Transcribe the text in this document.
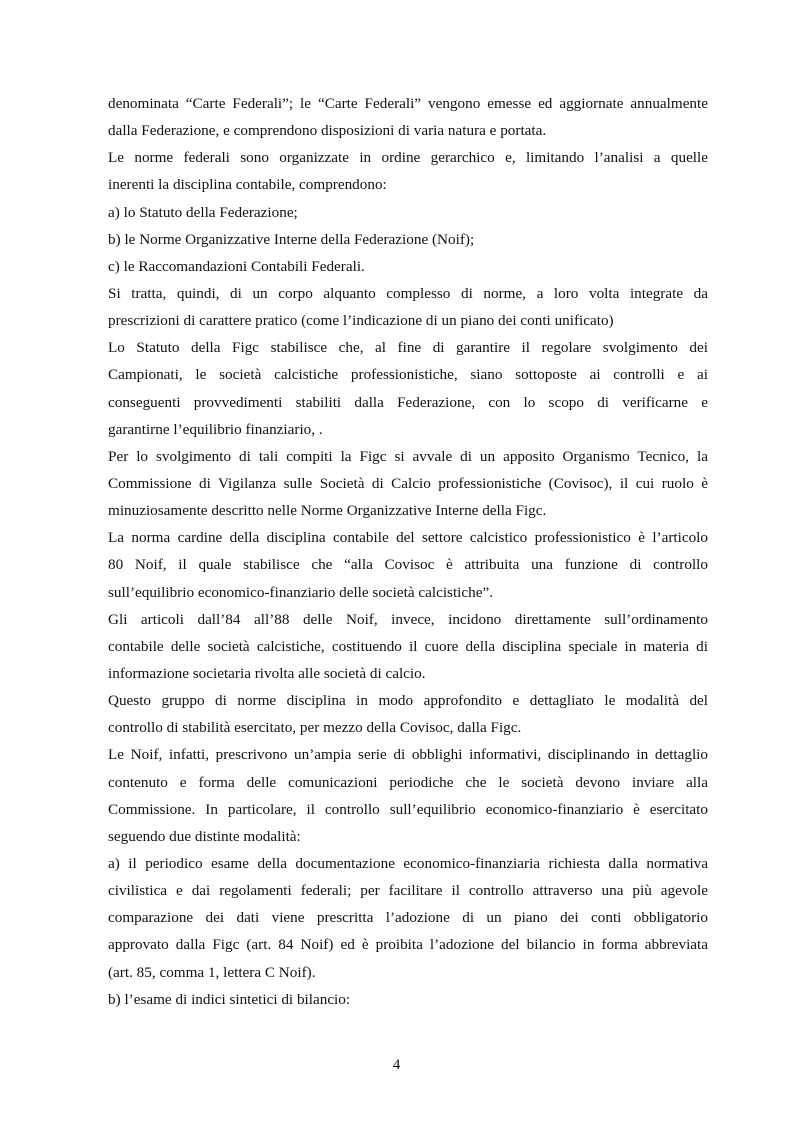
denominata “Carte Federali”; le “Carte Federali” vengono emesse ed aggiornate annualmente
dalla Federazione, e comprendono disposizioni di varia natura e portata.
Le norme federali sono organizzate in ordine gerarchico e, limitando l’analisi a quelle
inerenti la disciplina contabile, comprendono:
a) lo Statuto della Federazione;
b) le Norme Organizzative Interne della Federazione (Noif);
c) le Raccomandazioni Contabili Federali.
Si tratta, quindi, di un corpo alquanto complesso di norme, a loro volta integrate da
prescrizioni di carattere pratico (come l’indicazione di un piano dei conti unificato)
Lo Statuto della Figc stabilisce che, al fine di garantire il regolare svolgimento dei
Campionati, le società calcistiche professionistiche, siano sottoposte ai controlli e ai
conseguenti provvedimenti stabiliti dalla Federazione, con lo scopo di verificarne e
garantirne l’equilibrio finanziario, .
Per lo svolgimento di tali compiti la Figc si avvale di un apposito Organismo Tecnico, la
Commissione di Vigilanza sulle Società di Calcio professionistiche (Covisoc), il cui ruolo è
minuziosamente descritto nelle Norme Organizzative Interne della Figc.
La norma cardine della disciplina contabile del settore calcistico professionistico è l’articolo
80 Noif, il quale stabilisce che “alla Covisoc è attribuita una funzione di controllo
sull’equilibrio economico-finanziario delle società calcistiche”.
Gli articoli dall’84 all’88 delle Noif, invece, incidono direttamente sull’ordinamento
contabile delle società calcistiche, costituendo il cuore della disciplina speciale in materia di
informazione societaria rivolta alle società di calcio.
Questo gruppo di norme disciplina in modo approfondito e dettagliato le modalità del
controllo di stabilità esercitato, per mezzo della Covisoc, dalla Figc.
Le Noif, infatti, prescrivono un’ampia serie di obblighi informativi, disciplinando in dettaglio
contenuto e forma delle comunicazioni periodiche che le società devono inviare alla
Commissione. In particolare, il controllo sull’equilibrio economico-finanziario è esercitato
seguendo due distinte modalità:
a) il periodico esame della documentazione economico-finanziaria richiesta dalla normativa
civilistica e dai regolamenti federali; per facilitare il controllo attraverso una più agevole
comparazione dei dati viene prescritta l’adozione di un piano dei conti obbligatorio
approvato dalla Figc (art. 84 Noif) ed è proibita l’adozione del bilancio in forma abbreviata
(art. 85, comma 1, lettera C Noif).
b) l’esame di indici sintetici di bilancio:
4
